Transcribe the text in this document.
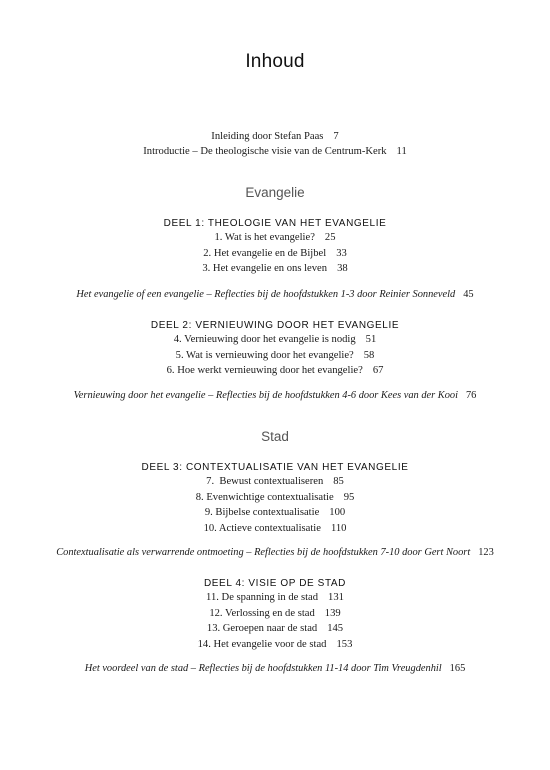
Inhoud
Inleiding door Stefan Paas 7
Introductie – De theologische visie van de Centrum-Kerk 11
Evangelie
DEEL 1: THEOLOGIE VAN HET EVANGELIE
1. Wat is het evangelie? 25
2. Het evangelie en de Bijbel 33
3. Het evangelie en ons leven 38
Het evangelie of een evangelie – Reflecties bij de hoofdstukken 1-3 door Reinier Sonneveld 45
DEEL 2: VERNIEUWING DOOR HET EVANGELIE
4. Vernieuwing door het evangelie is nodig 51
5. Wat is vernieuwing door het evangelie? 58
6. Hoe werkt vernieuwing door het evangelie? 67
Vernieuwing door het evangelie – Reflecties bij de hoofdstukken 4-6 door Kees van der Kooi 76
Stad
DEEL 3: CONTEXTUALISATIE VAN HET EVANGELIE
7.  Bewust contextualiseren 85
8. Evenwichtige contextualisatie 95
9. Bijbelse contextualisatie 100
10. Actieve contextualisatie 110
Contextualisatie als verwarrende ontmoeting – Reflecties bij de hoofdstukken 7-10 door Gert Noort 123
DEEL 4: VISIE OP DE STAD
11. De spanning in de stad 131
12. Verlossing en de stad 139
13. Geroepen naar de stad 145
14. Het evangelie voor de stad 153
Het voordeel van de stad – Reflecties bij de hoofdstukken 11-14 door Tim Vreugdenhil 165
